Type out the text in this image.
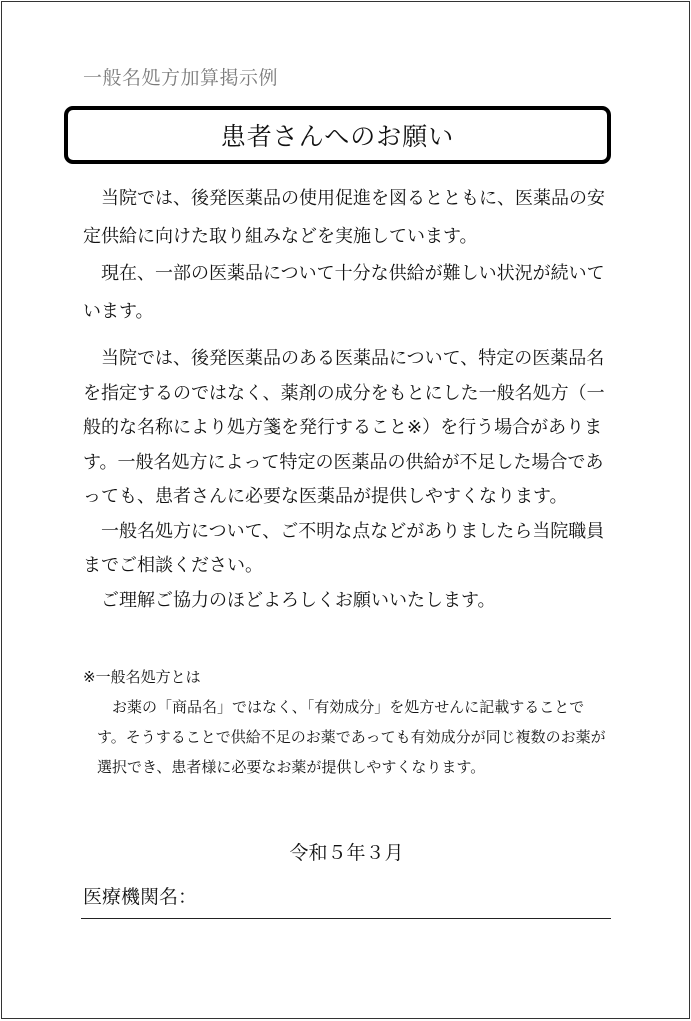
一般名処方加算掲示例
患者さんへのお願い

当院では、後発医薬品の使用促進を図るとともに、医薬品の安定供給に向けた取り組みなどを実施しています。

現在、一部の医薬品について十分な供給が難しい状況が続いています。

当院では、後発医薬品のある医薬品について、特定の医薬品名を指定するのではなく、薬剤の成分をもとにした一般名処方（一般的な名称により処方箋を発行すること※）を行う場合があります。一般名処方によって特定の医薬品の供給が不足した場合であっても、患者さんに必要な医薬品が提供しやすくなります。

一般名処方について、ご不明な点などがありましたら当院職員までご相談ください。

ご理解ご協力のほどよろしくお願いいたします。

※一般名処方とは

お薬の「商品名」ではなく、「有効成分」を処方せんに記載することです。そうすることで供給不足のお薬であっても有効成分が同じ複数のお薬が選択でき、患者様に必要なお薬が提供しやすくなります。

令和５年３月
医療機関名：
